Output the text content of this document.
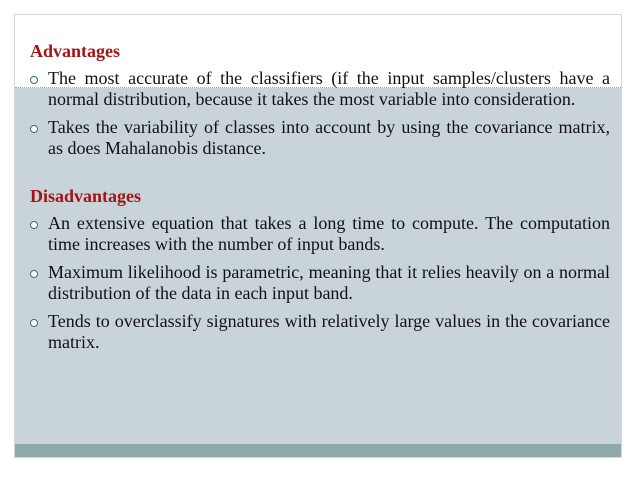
Advantages
The most accurate of the classifiers (if the input samples/clusters have a normal distribution, because it takes the most variable into consideration.
Takes the variability of classes into account by using the covariance matrix, as does Mahalanobis distance.
Disadvantages
An extensive equation that takes a long time to compute. The computation time increases with the number of input bands.
Maximum likelihood is parametric, meaning that it relies heavily on a normal distribution of the data in each input band.
Tends to overclassify signatures with relatively large values in the covariance matrix.
